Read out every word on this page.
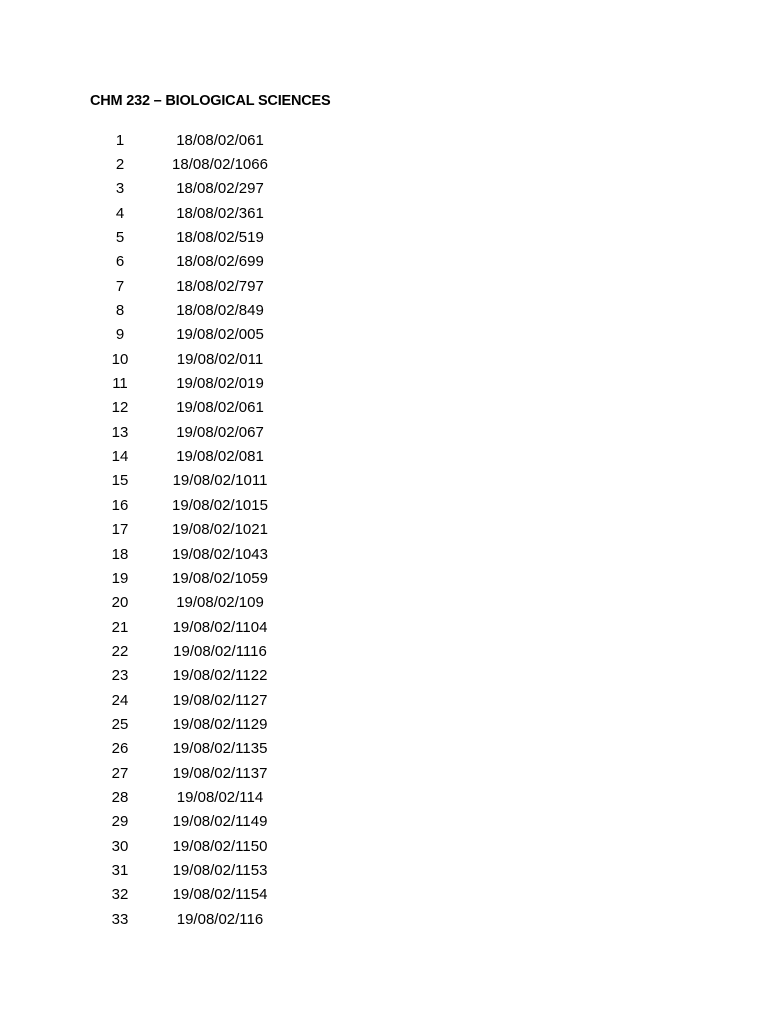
CHM 232 – BIOLOGICAL SCIENCES
1	18/08/02/061
2	18/08/02/1066
3	18/08/02/297
4	18/08/02/361
5	18/08/02/519
6	18/08/02/699
7	18/08/02/797
8	18/08/02/849
9	19/08/02/005
10	19/08/02/011
11	19/08/02/019
12	19/08/02/061
13	19/08/02/067
14	19/08/02/081
15	19/08/02/1011
16	19/08/02/1015
17	19/08/02/1021
18	19/08/02/1043
19	19/08/02/1059
20	19/08/02/109
21	19/08/02/1104
22	19/08/02/1116
23	19/08/02/1122
24	19/08/02/1127
25	19/08/02/1129
26	19/08/02/1135
27	19/08/02/1137
28	19/08/02/114
29	19/08/02/1149
30	19/08/02/1150
31	19/08/02/1153
32	19/08/02/1154
33	19/08/02/116
